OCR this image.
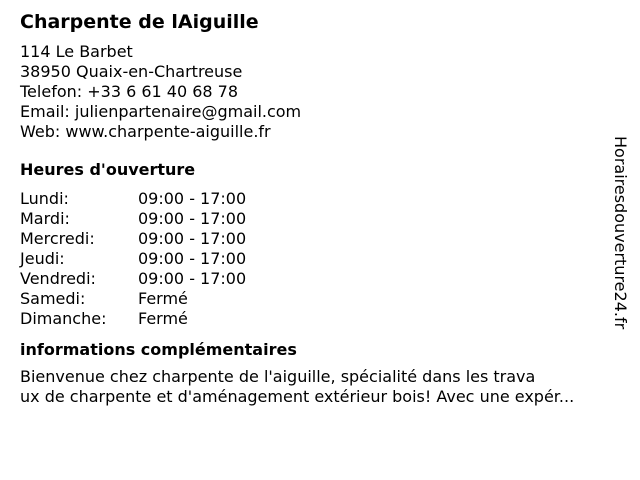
Charpente de lAiguille
114 Le Barbet
38950 Quaix-en-Chartreuse
Telefon: +33 6 61 40 68 78
Email: julienpartenaire@gmail.com
Web: www.charpente-aiguille.fr
Heures d'ouverture
Lundi:	09:00 - 17:00
Mardi:	09:00 - 17:00
Mercredi:	09:00 - 17:00
Jeudi:	09:00 - 17:00
Vendredi:	09:00 - 17:00
Samedi:	Fermé
Dimanche:	Fermé
informations complémentaires
Bienvenue chez charpente de l'aiguille, spécialité dans les trava
ux de charpente et d'aménagement extérieur bois! Avec une expér...
Horairesdouverture24.fr
